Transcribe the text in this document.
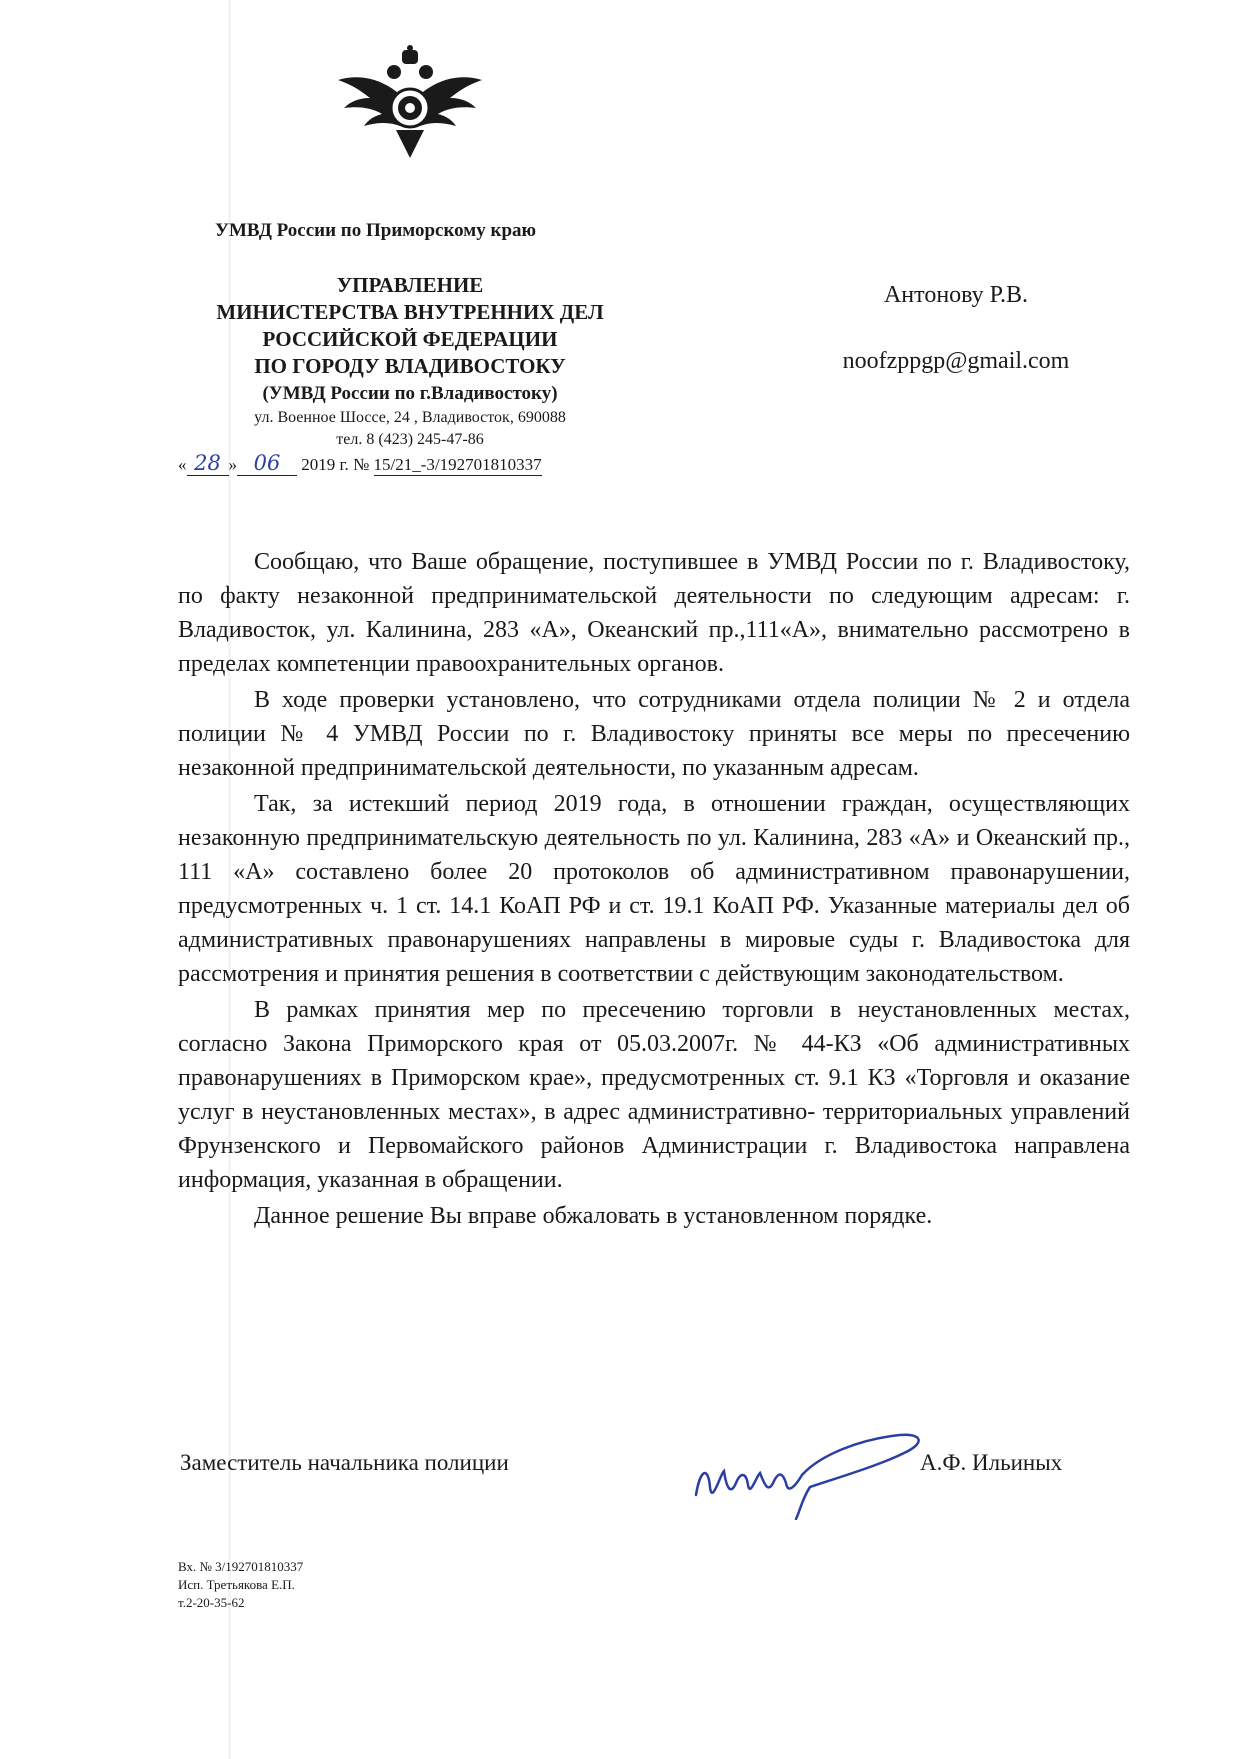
УМВД России по Приморскому краю
УПРАВЛЕНИЕ
МИНИСТЕРСТВА ВНУТРЕННИХ ДЕЛ
РОССИЙСКОЙ ФЕДЕРАЦИИ
ПО ГОРОДУ ВЛАДИВОСТОКУ
(УМВД России по г.Владивостоку)
ул. Военное Шоссе, 24 , Владивосток, 690088
тел. 8 (423) 245-47-86
« 28 » 06 2019 г. № 15/21_-3/192701810337
Антонову Р.В.
noofzppgp@gmail.com

Сообщаю, что Ваше обращение, поступившее в УМВД России по г. Владивостоку, по факту незаконной предпринимательской деятельности по следующим адресам: г. Владивосток, ул. Калинина, 283 «А», Океанский пр.,111«А», внимательно рассмотрено в пределах компетенции правоохранительных органов.

В ходе проверки установлено, что сотрудниками отдела полиции № 2 и отдела полиции № 4 УМВД России по г. Владивостоку приняты все меры по пресечению незаконной предпринимательской деятельности, по указанным адресам.

Так, за истекший период 2019 года, в отношении граждан, осуществляющих незаконную предпринимательскую деятельность по ул. Калинина, 283 «А» и Океанский пр., 111 «А» составлено более 20 протоколов об административном правонарушении, предусмотренных ч. 1 ст. 14.1 КоАП РФ и ст. 19.1 КоАП РФ. Указанные материалы дел об административных правонарушениях направлены в мировые суды г. Владивостока для рассмотрения и принятия решения в соответствии с действующим законодательством.

В рамках принятия мер по пресечению торговли в неустановленных местах, согласно Закона Приморского края от 05.03.2007г. № 44-КЗ «Об административных правонарушениях в Приморском крае», предусмотренных ст. 9.1 КЗ «Торговля и оказание услуг в неустановленных местах», в адрес административно- территориальных управлений Фрунзенского и Первомайского районов Администрации г. Владивостока направлена информация, указанная в обращении.

Данное решение Вы вправе обжаловать в установленном порядке.

Заместитель начальника полиции	А.Ф. Ильиных
Вх. № 3/192701810337
Исп. Третьякова Е.П.
т.2-20-35-62
